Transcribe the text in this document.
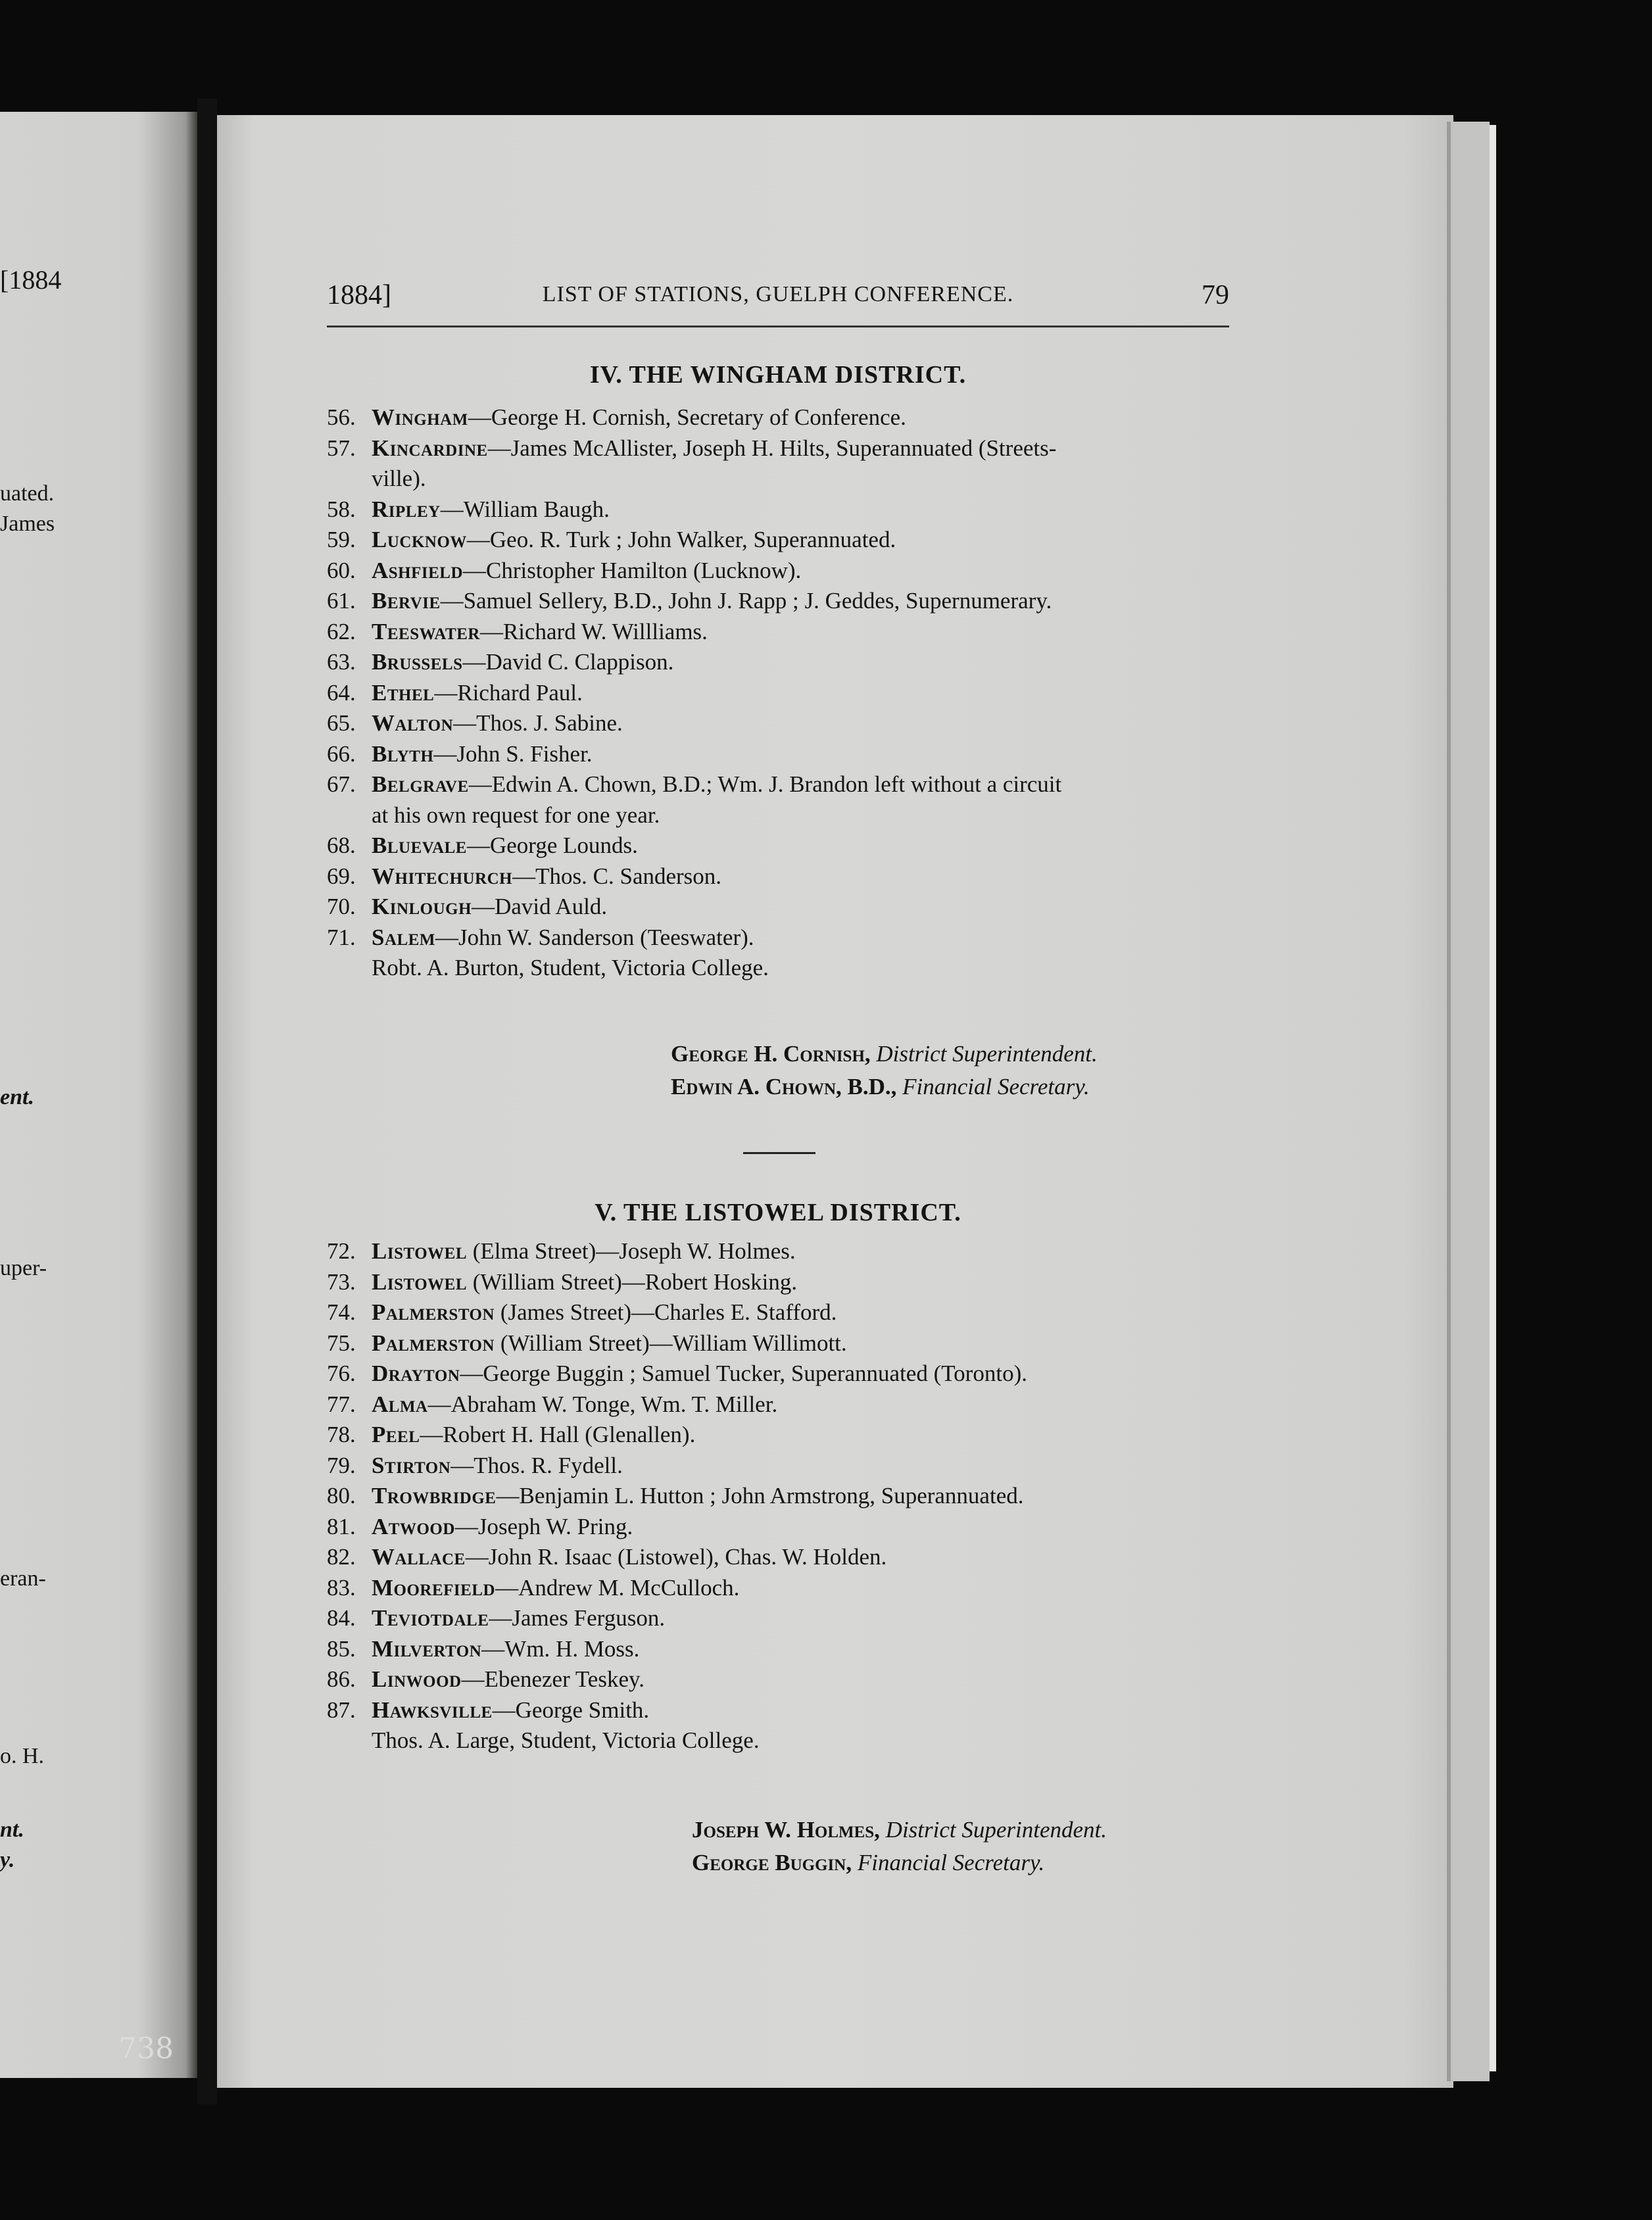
[1884
uated.
James
ent.
uper-
eran-
o. H.
nt.
y.
1884]	LIST OF STATIONS, GUELPH CONFERENCE.	79
IV. THE WINGHAM DISTRICT.
56. Wingham—George H. Cornish, Secretary of Conference.
57. Kincardine—James McAllister, Joseph H. Hilts, Superannuated (Streets-
ville).
58. Ripley—William Baugh.
59. Lucknow—Geo. R. Turk ; John Walker, Superannuated.
60. Ashfield—Christopher Hamilton (Lucknow).
61. Bervie—Samuel Sellery, B.D., John J. Rapp ; J. Geddes, Supernumerary.
62. Teeswater—Richard W. Willliams.
63. Brussels—David C. Clappison.
64. Ethel—Richard Paul.
65. Walton—Thos. J. Sabine.
66. Blyth—John S. Fisher.
67. Belgrave—Edwin A. Chown, B.D.; Wm. J. Brandon left without a circuit
at his own request for one year.
68. Bluevale—George Lounds.
69. Whitechurch—Thos. C. Sanderson.
70. Kinlough—David Auld.
71. Salem—John W. Sanderson (Teeswater).
Robt. A. Burton, Student, Victoria College.
George H. Cornish, District Superintendent.
Edwin A. Chown, B.D., Financial Secretary.
V. THE LISTOWEL DISTRICT.
72. Listowel (Elma Street)—Joseph W. Holmes.
73. Listowel (William Street)—Robert Hosking.
74. Palmerston (James Street)—Charles E. Stafford.
75. Palmerston (William Street)—William Willimott.
76. Drayton—George Buggin ; Samuel Tucker, Superannuated (Toronto).
77. Alma—Abraham W. Tonge, Wm. T. Miller.
78. Peel—Robert H. Hall (Glenallen).
79. Stirton—Thos. R. Fydell.
80. Trowbridge—Benjamin L. Hutton ; John Armstrong, Superannuated.
81. Atwood—Joseph W. Pring.
82. Wallace—John R. Isaac (Listowel), Chas. W. Holden.
83. Moorefield—Andrew M. McCulloch.
84. Teviotdale—James Ferguson.
85. Milverton—Wm. H. Moss.
86. Linwood—Ebenezer Teskey.
87. Hawksville—George Smith.
Thos. A. Large, Student, Victoria College.
Joseph W. Holmes, District Superintendent.
George Buggin, Financial Secretary.
738
